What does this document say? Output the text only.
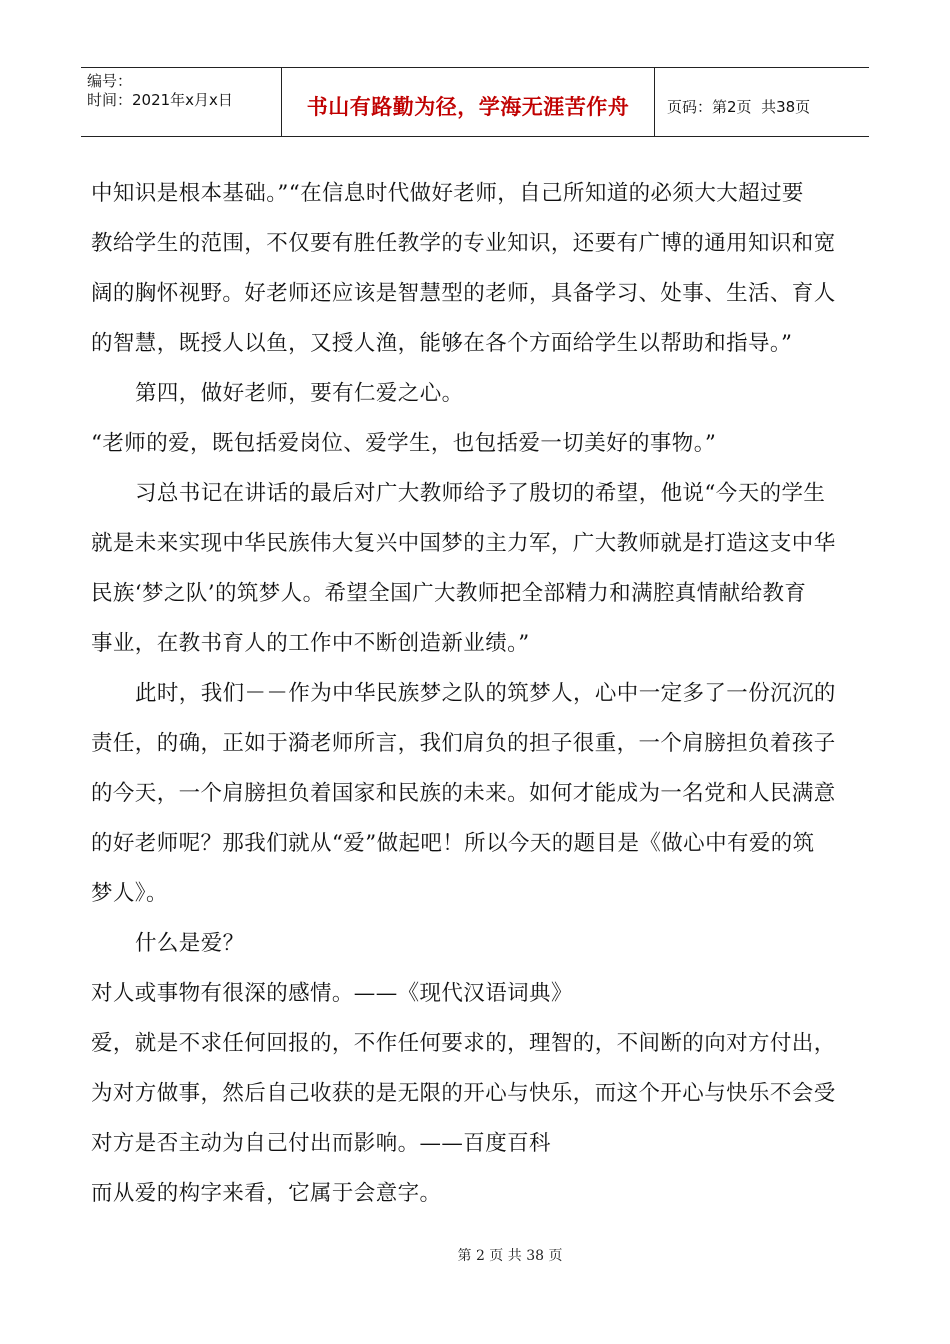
编号：
时间：2021年x月x日	书山有路勤为径，学海无涯苦作舟	页码：第2页  共38页
中知识是根本基础。”“在信息时代做好老师，自己所知道的必须大大超过要
教给学生的范围，不仅要有胜任教学的专业知识，还要有广博的通用知识和宽
阔的胸怀视野。好老师还应该是智慧型的老师，具备学习、处事、生活、育人
的智慧，既授人以鱼，又授人渔，能够在各个方面给学生以帮助和指导。”
第四，做好老师，要有仁爱之心。
“老师的爱，既包括爱岗位、爱学生，也包括爱一切美好的事物。”
习总书记在讲话的最后对广大教师给予了殷切的希望，他说“今天的学生
就是未来实现中华民族伟大复兴中国梦的主力军，广大教师就是打造这支中华
民族‘梦之队’的筑梦人。希望全国广大教师把全部精力和满腔真情献给教育
事业，在教书育人的工作中不断创造新业绩。”
此时，我们－－作为中华民族梦之队的筑梦人，心中一定多了一份沉沉的
责任，的确，正如于漪老师所言，我们肩负的担子很重，一个肩膀担负着孩子
的今天，一个肩膀担负着国家和民族的未来。如何才能成为一名党和人民满意
的好老师呢？那我们就从“爱”做起吧！所以今天的题目是《做心中有爱的筑
梦人》。
什么是爱？
对人或事物有很深的感情。——《现代汉语词典》
爱，就是不求任何回报的，不作任何要求的，理智的，不间断的向对方付出，
为对方做事，然后自己收获的是无限的开心与快乐，而这个开心与快乐不会受
对方是否主动为自己付出而影响。——百度百科
而从爱的构字来看，它属于会意字。
第 2 页 共 38 页
